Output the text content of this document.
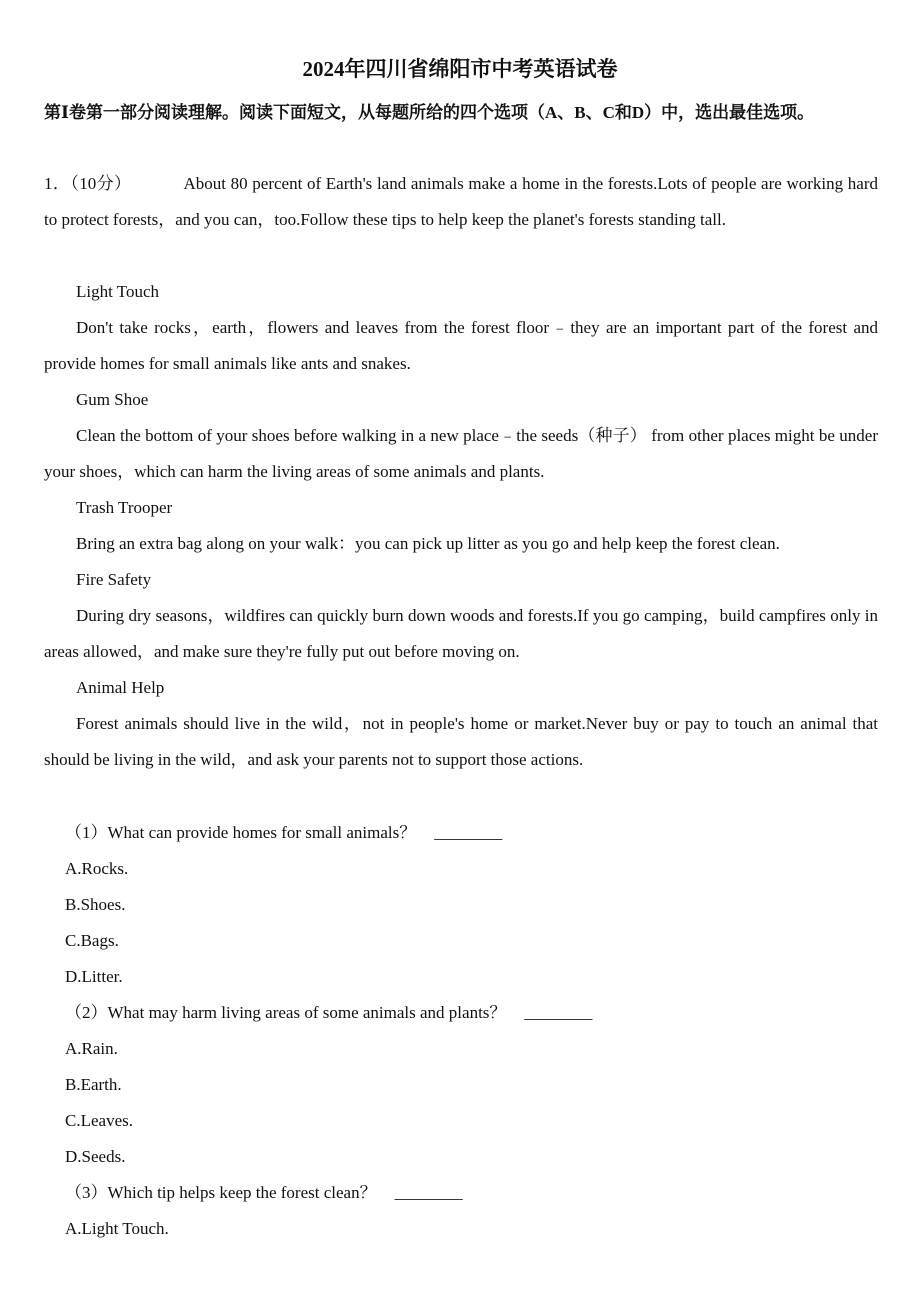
2024年四川省绵阳市中考英语试卷
第Ⅰ卷第一部分阅读理解。阅读下面短文，从每题所给的四个选项（A、B、C和D）中，选出最佳选项。
1．（10分）	About 80 percent of Earth's land animals make a home in the forests.Lots of people are working hard to protect forests，and you can，too.Follow these tips to help keep the planet's forests standing tall.
Light Touch
Don't take rocks，earth，flowers and leaves from the forest floor﹣they are an important part of the forest and provide homes for small animals like ants and snakes.
Gum Shoe
Clean the bottom of your shoes before walking in a new place﹣the seeds（种子） from other places might be under your shoes，which can harm the living areas of some animals and plants.
Trash Trooper
Bring an extra bag along on your walk：you can pick up litter as you go and help keep the forest clean.
Fire Safety
During dry seasons，wildfires can quickly burn down woods and forests.If you go camping，build campfires only in areas allowed，and make sure they're fully put out before moving on.
Animal Help
Forest animals should live in the wild，not in people's home or market.Never buy or pay to touch an animal that should be living in the wild，and ask your parents not to support those actions.
（1）What can provide homes for small animals？ ________
A.Rocks.
B.Shoes.
C.Bags.
D.Litter.
（2）What may harm living areas of some animals and plants？ ________
A.Rain.
B.Earth.
C.Leaves.
D.Seeds.
（3）Which tip helps keep the forest clean？ ________
A.Light Touch.
